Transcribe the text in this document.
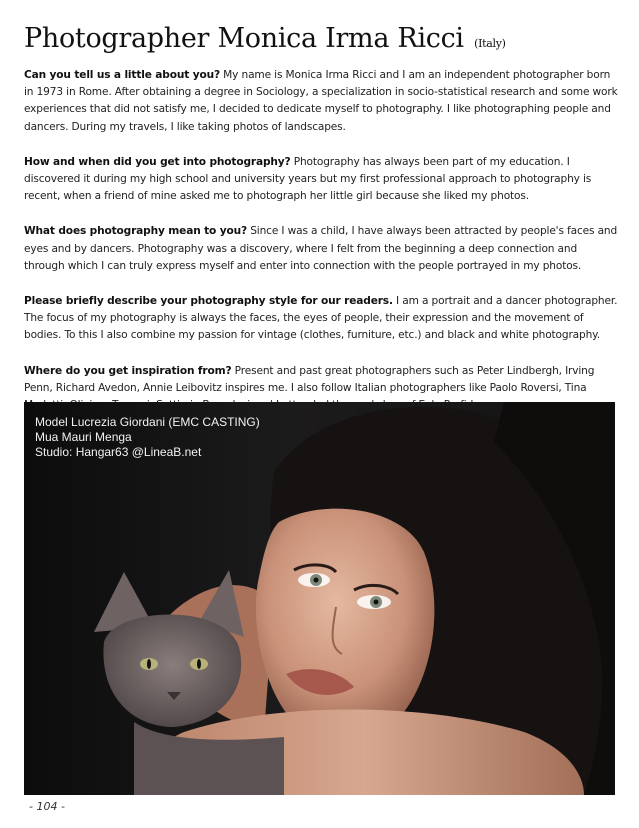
Photographer Monica Irma Ricci (Italy)

Can you tell us a little about you? My name is Monica Irma Ricci and I am an independent photographer born in 1973 in Rome. After obtaining a degree in Sociology, a specialization in socio-statistical research and some work experiences that did not satisfy me, I decided to dedicate myself to photography. I like photographing people and dancers. During my travels, I like taking photos of landscapes.

How and when did you get into photography? Photography has always been part of my education. I discovered it during my high school and university years but my first professional approach to photography is recent, when a friend of mine asked me to photograph her little girl because she liked my photos.

What does photography mean to you? Since I was a child, I have always been attracted by people's faces and eyes and by dancers. Photography was a discovery, where I felt from the beginning a deep connection and through which I can truly express myself and enter into connection with the people portrayed in my photos.

Please briefly describe your photography style for our readers. I am a portrait and a dancer photographer. The focus of my photography is always the faces, the eyes of people, their expression and the movement of bodies. To this I also combine my passion for vintage (clothes, furniture, etc.) and black and white photography.

Where do you get inspiration from? Present and past great photographers such as Peter Lindbergh, Irving Penn, Richard Avedon, Annie Leibovitz inspires me. I also follow Italian photographers like Paolo Roversi, Tina

Model Lucrezia Giordani (EMC CASTING)
Mua Mauri Menga
Studio: Hangar63 @LineaB.net
- 104 -
